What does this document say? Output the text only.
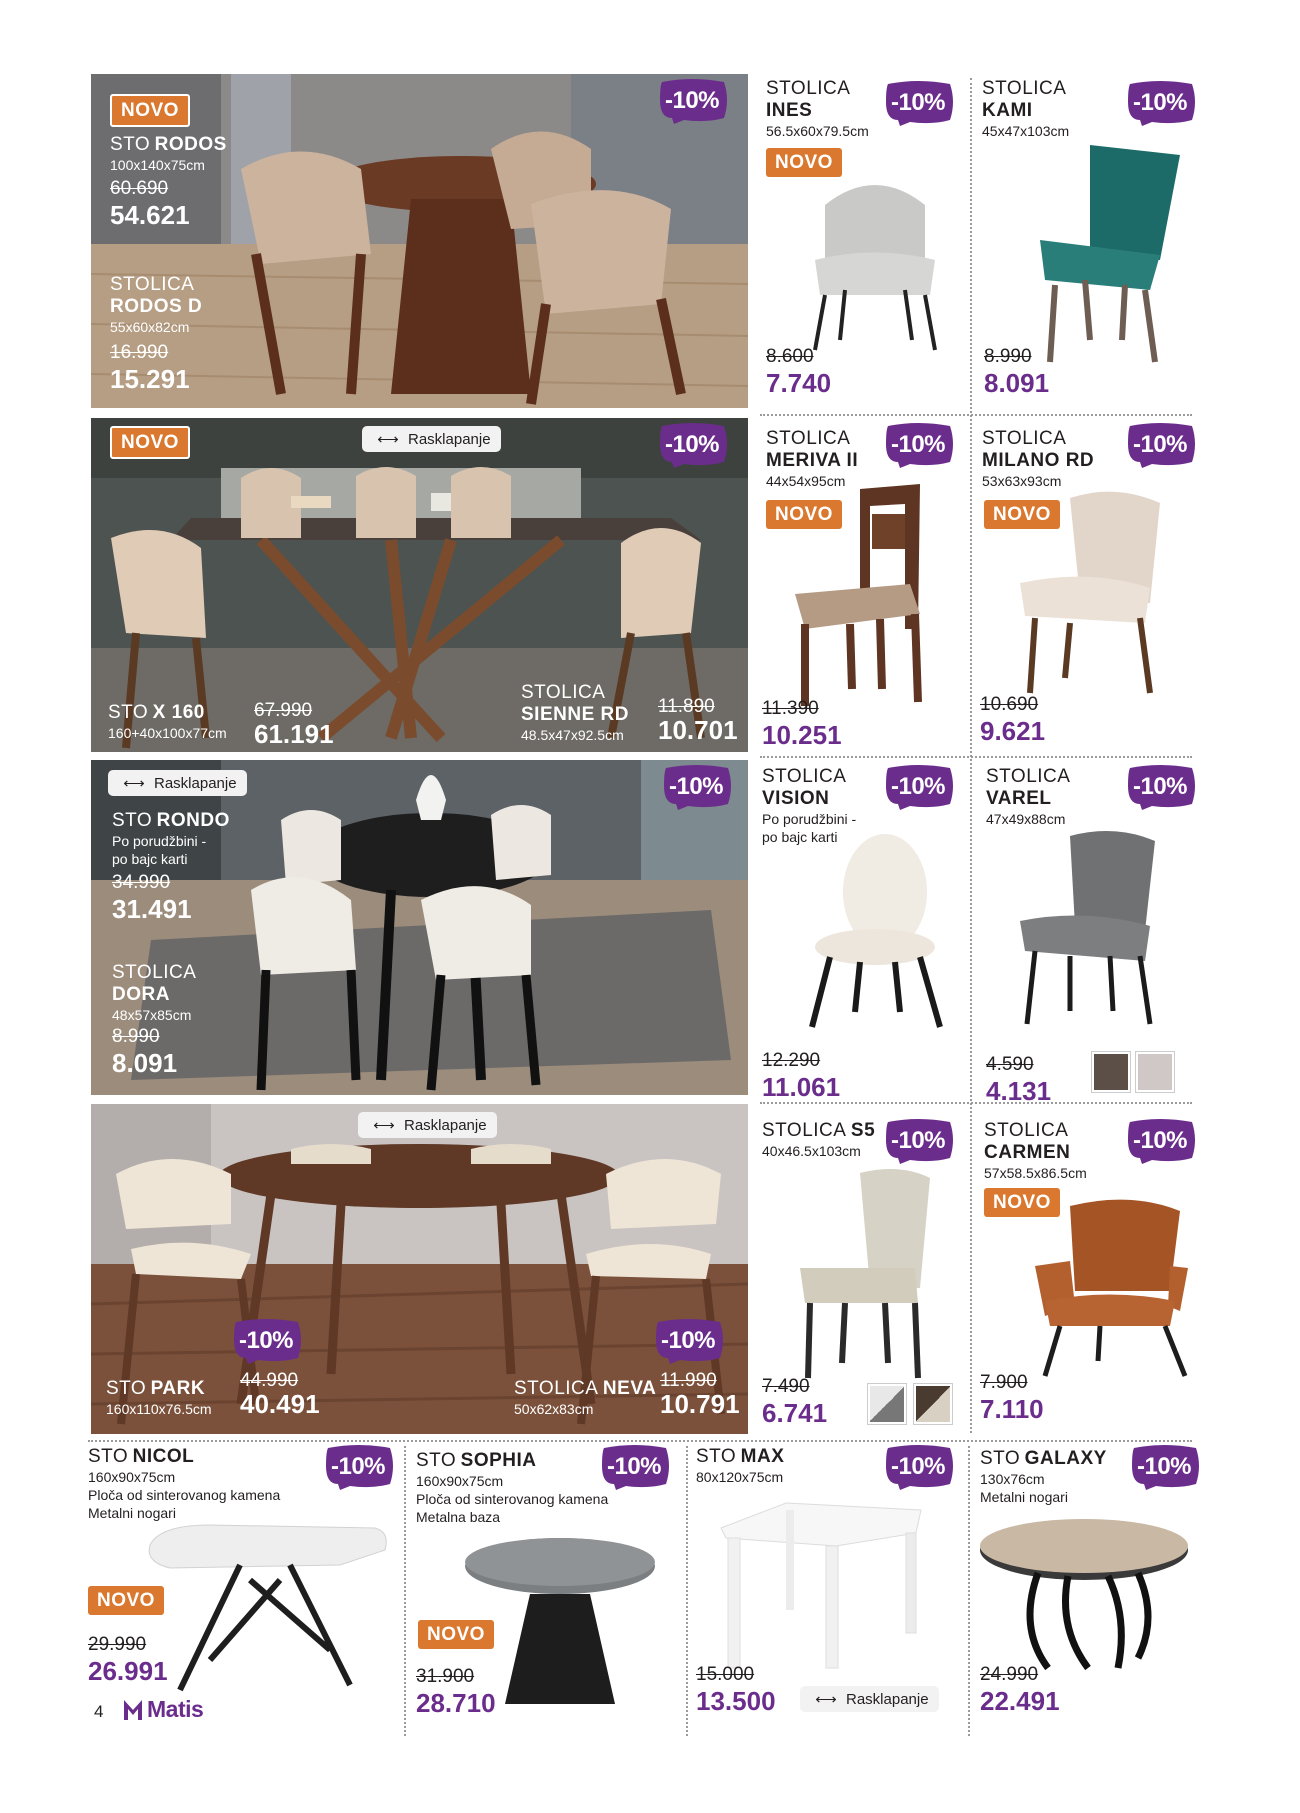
NOVO	-10%
STO RODOS
100x140x75cm
60.690
54.621
STOLICA
RODOS D
55x60x82cm
16.990
15.291
STOLICA
INES
56.5x60x79.5cm
NOVO
-10%
8.600
7.740
STOLICA
KAMI
45x47x103cm
-10%
8.990
8.091
NOVO	⟷ Rasklapanje	-10%
STO X 160
160+40x100x77cm
67.990
61.191
STOLICA
SIENNE RD
48.5x47x92.5cm
11.890
10.701
STOLICA
MERIVA II
44x54x95cm
NOVO
-10%
11.390
10.251
STOLICA
MILANO RD
53x63x93cm
NOVO
-10%
10.690
9.621
⟷ Rasklapanje	-10%
STO RONDO
Po porudžbini -
po bajc karti
34.990
31.491
STOLICA
DORA
48x57x85cm
8.990
8.091
STOLICA
VISION
Po porudžbini -
po bajc karti
-10%
12.290
11.061
STOLICA
VAREL
47x49x88cm
-10%
4.590
4.131
⟷ Rasklapanje
-10%	-10%
STO PARK
160x110x76.5cm
44.990
40.491
STOLICA NEVA
50x62x83cm
11.990
10.791
STOLICA S5
40x46.5x103cm	-10%
7.490
6.741
STOLICA
CARMEN
57x58.5x86.5cm
NOVO
-10%
7.900
7.110
STO NICOL
160x90x75cm
Ploča od sinterovanog kamena
Metalni nogari
-10%
NOVO
29.990
26.991
STO SOPHIA
160x90x75cm
Ploča od sinterovanog kamena
Metalna baza
-10%
NOVO
31.900
28.710
STO MAX
80x120x75cm	-10%
15.000
13.500	⟷ Rasklapanje
STO GALAXY
130x76cm
Metalni nogari
-10%
24.990
22.491
4 Matis
